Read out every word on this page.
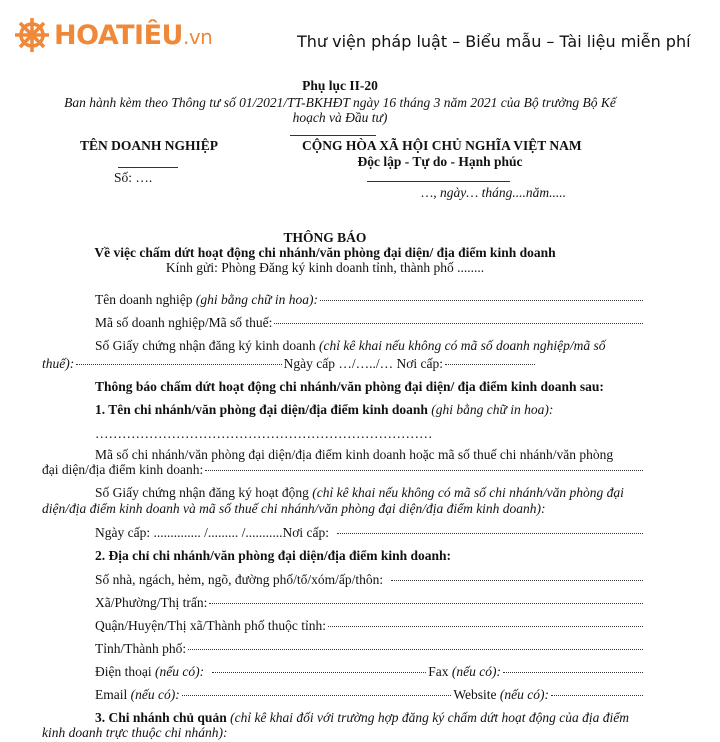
HOATIÊU.vn	Thư viện pháp luật – Biểu mẫu – Tài liệu miễn phí
Phụ lục II-20
Ban hành kèm theo Thông tư số 01/2021/TT-BKHĐT ngày 16 tháng 3 năm 2021 của Bộ trưởng Bộ Kế
hoạch và Đầu tư)
TÊN DOANH NGHIỆP
Số: ….
CỘNG HÒA XÃ HỘI CHỦ NGHĨA VIỆT NAM
Độc lập - Tự do - Hạnh phúc
…, ngày… tháng....năm.....
THÔNG BÁO
Về việc chấm dứt hoạt động chi nhánh/văn phòng đại diện/ địa điểm kinh doanh
Kính gửi: Phòng Đăng ký kinh doanh tỉnh, thành phố ........
Tên doanh nghiệp
(ghi bằng chữ in hoa):
Mã số doanh nghiệp/Mã số thuế:
Số Giấy chứng nhận đăng ký kinh doanh
(chỉ kê khai nếu không có mã số doanh nghiệp/mã số
thuế):	Ngày cấp …/…../… Nơi cấp:
Thông báo chấm dứt hoạt động chi nhánh/văn phòng đại diện/ địa điểm kinh doanh sau:
1. Tên chi nhánh/văn phòng đại diện/địa điểm kinh doanh
(ghi bằng chữ in hoa):
…………………………………………………………………
Mã số chi nhánh/văn phòng đại diện/địa điểm kinh doanh hoặc mã số thuế chi nhánh/văn phòng
đại diện/địa điểm kinh doanh:
Số Giấy chứng nhận đăng ký hoạt động
(chỉ kê khai nếu không có mã số chi nhánh/văn phòng đại
diện/địa điểm kinh doanh và mã số thuế chi nhánh/văn phòng đại diện/địa điểm kinh doanh):
Ngày cấp: .............. /......... /........... Nơi cấp:
2. Địa chỉ chi nhánh/văn phòng đại diện/địa điểm kinh doanh:
Số nhà, ngách, hẻm, ngõ, đường phố/tổ/xóm/ấp/thôn:
Xã/Phường/Thị trấn:
Quận/Huyện/Thị xã/Thành phố thuộc tỉnh:
Tỉnh/Thành phố:
Điện thoại
(nếu có):	Fax
(nếu có):
Email
(nếu có):	Website
(nếu có):
3. Chi nhánh chủ quản
(chỉ kê khai đối với trường hợp đăng ký chấm dứt hoạt động của địa điểm
kinh doanh trực thuộc chi nhánh):
